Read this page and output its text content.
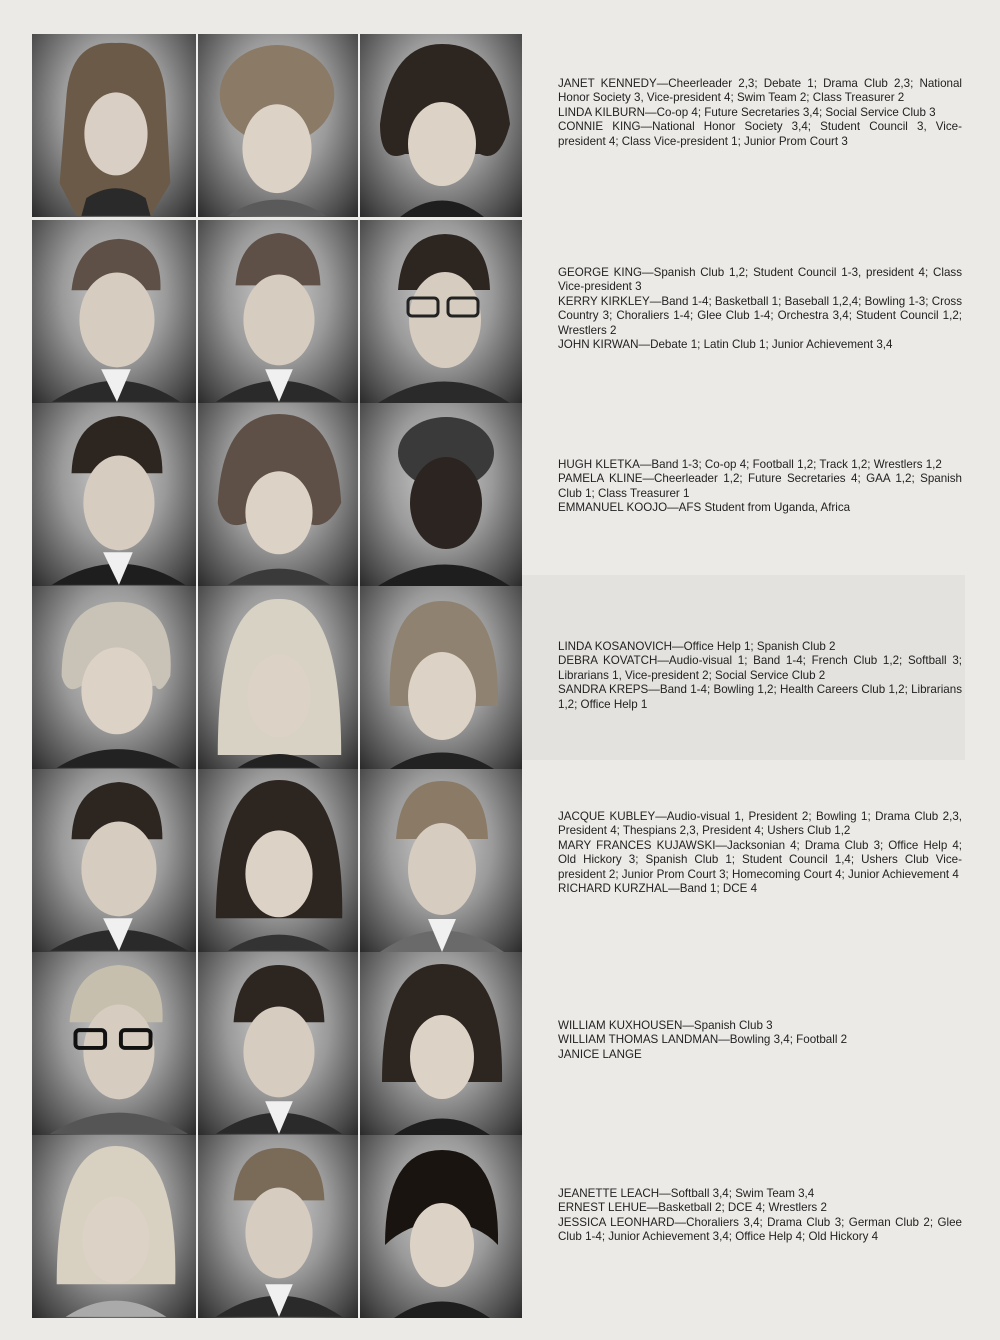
JANET KENNEDY—Cheerleader 2,3; Debate 1; Drama Club 2,3; National Honor Society 3, Vice-president 4; Swim Team 2; Class Treasurer 2
LINDA KILBURN—Co-op 4; Future Secretaries 3,4; Social Service Club 3
CONNIE KING—National Honor Society 3,4; Student Council 3, Vice-president 4; Class Vice-president 1; Junior Prom Court 3
GEORGE KING—Spanish Club 1,2; Student Council 1-3, president 4; Class Vice-president 3
KERRY KIRKLEY—Band 1-4; Basketball 1; Baseball 1,2,4; Bowling 1-3; Cross Country 3; Choraliers 1-4; Glee Club 1-4; Orchestra 3,4; Student Council 1,2; Wrestlers 2
JOHN KIRWAN—Debate 1; Latin Club 1; Junior Achievement 3,4
HUGH KLETKA—Band 1-3; Co-op 4; Football 1,2; Track 1,2; Wrestlers 1,2
PAMELA KLINE—Cheerleader 1,2; Future Secretaries 4; GAA 1,2; Spanish Club 1; Class Treasurer 1
EMMANUEL KOOJO—AFS Student from Uganda, Africa
LINDA KOSANOVICH—Office Help 1; Spanish Club 2
DEBRA KOVATCH—Audio-visual 1; Band 1-4; French Club 1,2; Softball 3; Librarians 1, Vice-president 2; Social Service Club 2
SANDRA KREPS—Band 1-4; Bowling 1,2; Health Careers Club 1,2; Librarians 1,2; Office Help 1
JACQUE KUBLEY—Audio-visual 1, President 2; Bowling 1; Drama Club 2,3, President 4; Thespians 2,3, President 4; Ushers Club 1,2
MARY FRANCES KUJAWSKI—Jacksonian 4; Drama Club 3; Office Help 4; Old Hickory 3; Spanish Club 1; Student Council 1,4; Ushers Club Vice-president 2; Junior Prom Court 3; Homecoming Court 4; Junior Achievement 4
RICHARD KURZHAL—Band 1; DCE 4
WILLIAM KUXHOUSEN—Spanish Club 3
WILLIAM THOMAS LANDMAN—Bowling 3,4; Football 2
JANICE LANGE
JEANETTE LEACH—Softball 3,4; Swim Team 3,4
ERNEST LEHUE—Basketball 2; DCE 4; Wrestlers 2
JESSICA LEONHARD—Choraliers 3,4; Drama Club 3; German Club 2; Glee Club 1-4; Junior Achievement 3,4; Office Help 4; Old Hickory 4
